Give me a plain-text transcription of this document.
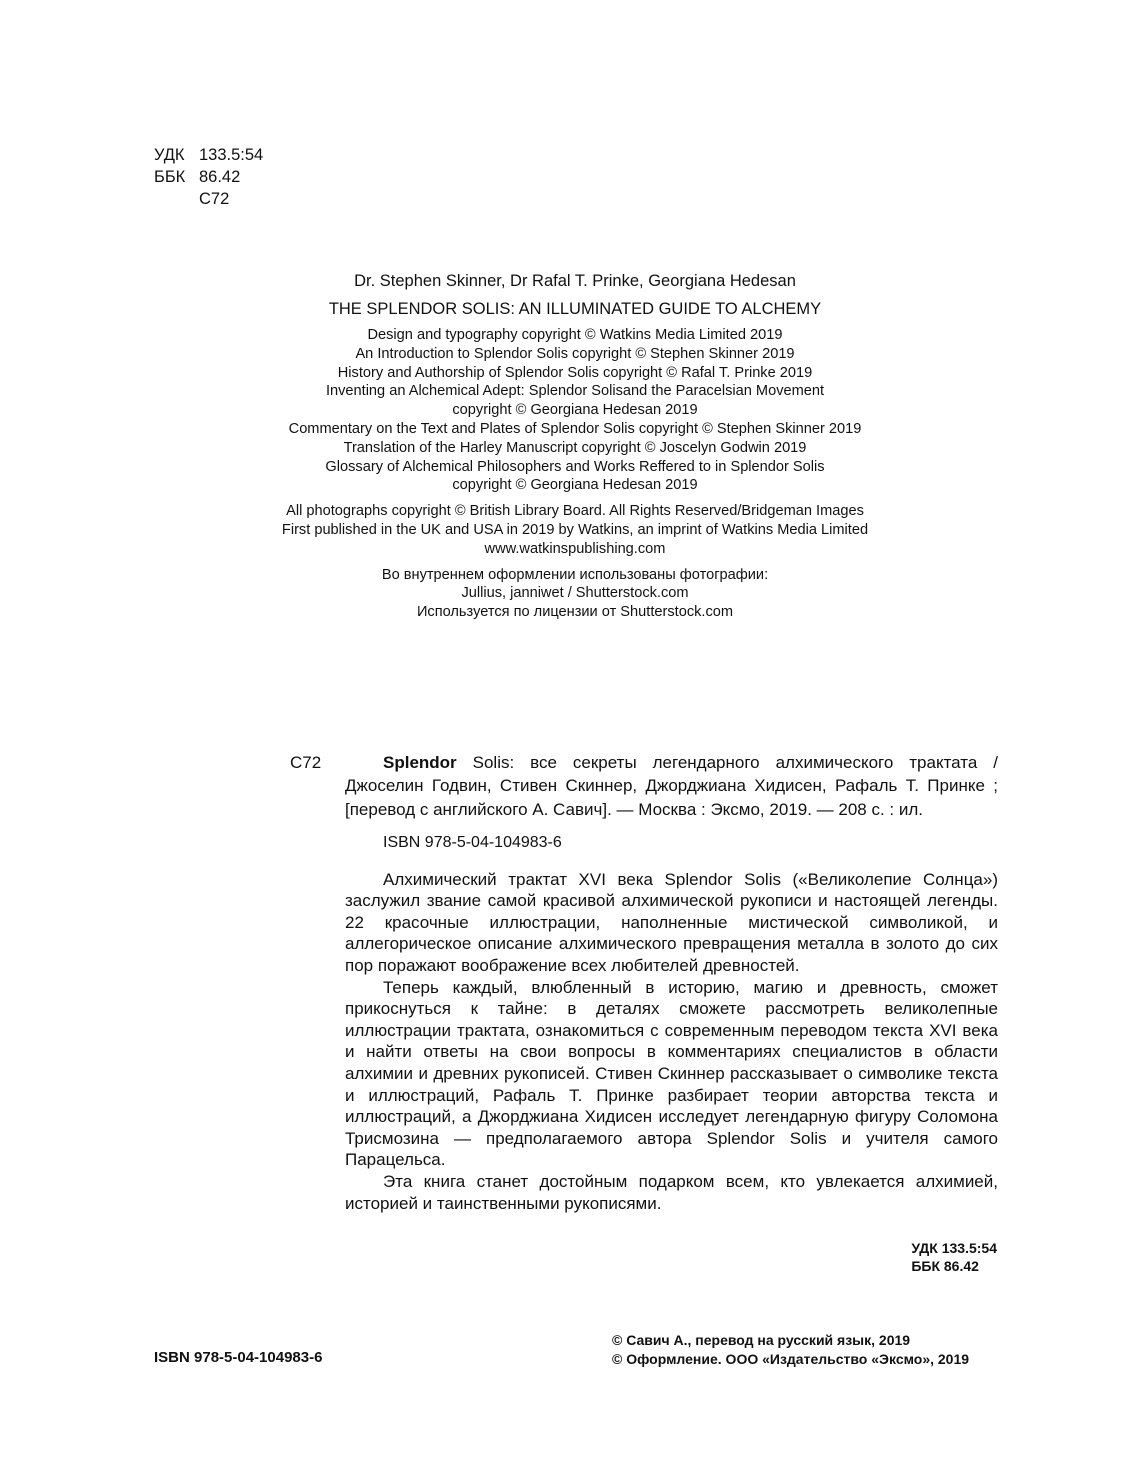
УДК 133.5:54
ББК 86.42
С72
Dr. Stephen Skinner, Dr Rafal T. Prinke, Georgiana Hedesan
THE SPLENDOR SOLIS: AN ILLUMINATED GUIDE TO ALCHEMY
Design and typography copyright © Watkins Media Limited 2019
An Introduction to Splendor Solis copyright © Stephen Skinner 2019
History and Authorship of Splendor Solis copyright © Rafal T. Prinke 2019
Inventing an Alchemical Adept: Splendor Solisand the Paracelsian Movement
copyright © Georgiana Hedesan 2019
Commentary on the Text and Plates of Splendor Solis copyright © Stephen Skinner 2019
Translation of the Harley Manuscript copyright © Joscelyn Godwin 2019
Glossary of Alchemical Philosophers and Works Reffered to in Splendor Solis
copyright © Georgiana Hedesan 2019
All photographs copyright © British Library Board. All Rights Reserved/Bridgeman Images
First published in the UK and USA in 2019 by Watkins, an imprint of Watkins Media Limited
www.watkinspublishing.com
Во внутреннем оформлении использованы фотографии:
Jullius, janniwet / Shutterstock.com
Используется по лицензии от Shutterstock.com
С72	Splendor Solis: все секреты легендарного алхимического трактата / Джоселин Годвин, Стивен Скиннер, Джорджиана Хидисен, Рафаль Т. Принке ; [перевод с английского А. Савич]. — Москва : Эксмо, 2019. — 208 с. : ил.
ISBN 978-5-04-104983-6

Алхимический трактат XVI века Splendor Solis («Великолепие Солнца») заслужил звание самой красивой алхимической рукописи и настоящей легенды. 22 красочные иллюстрации, наполненные мистической символикой, и аллегорическое описание алхимического превращения металла в золото до сих пор поражают воображение всех любителей древностей.

Теперь каждый, влюбленный в историю, магию и древность, сможет прикоснуться к тайне: в деталях сможете рассмотреть великолепные иллюстрации трактата, ознакомиться с современным переводом текста XVI века и найти ответы на свои вопросы в комментариях специалистов в области алхимии и древних рукописей. Стивен Скиннер рассказывает о символике текста и иллюстраций, Рафаль Т. Принке разбирает теории авторства текста и иллюстраций, а Джорджиана Хидисен исследует легендарную фигуру Соломона Трисмозина — предполагаемого автора Splendor Solis и учителя самого Парацельса.

Эта книга станет достойным подарком всем, кто увлекается алхимией, историей и таинственными рукописями.

УДК 133.5:54
ББК 86.42
ISBN 978-5-04-104983-6
© Савич А., перевод на русский язык, 2019
© Оформление. ООО «Издательство «Эксмо», 2019
